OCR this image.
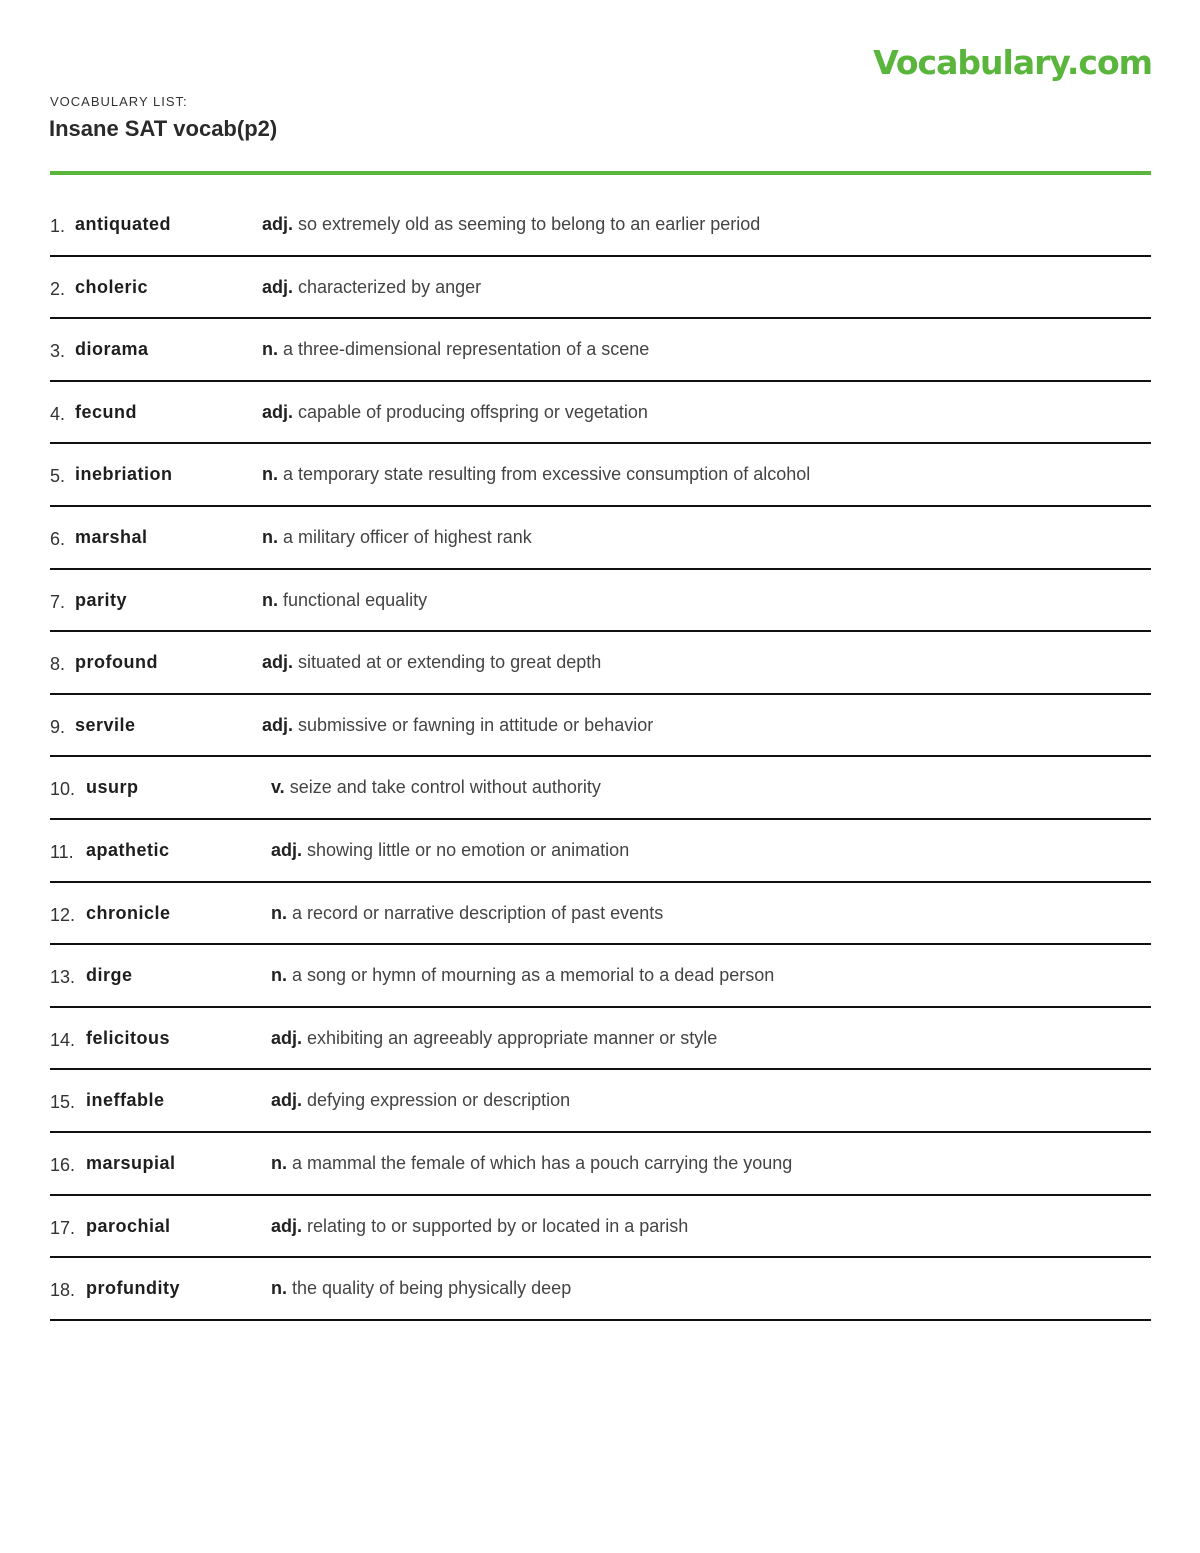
Vocabulary.com
VOCABULARY LIST:
Insane SAT vocab(p2)
1. antiquated	adj. so extremely old as seeming to belong to an earlier period
2. choleric	adj. characterized by anger
3. diorama	n. a three-dimensional representation of a scene
4. fecund	adj. capable of producing offspring or vegetation
5. inebriation	n. a temporary state resulting from excessive consumption of alcohol
6. marshal	n. a military officer of highest rank
7. parity	n. functional equality
8. profound	adj. situated at or extending to great depth
9. servile	adj. submissive or fawning in attitude or behavior
10. usurp	v. seize and take control without authority
11. apathetic	adj. showing little or no emotion or animation
12. chronicle	n. a record or narrative description of past events
13. dirge	n. a song or hymn of mourning as a memorial to a dead person
14. felicitous	adj. exhibiting an agreeably appropriate manner or style
15. ineffable	adj. defying expression or description
16. marsupial	n. a mammal the female of which has a pouch carrying the young
17. parochial	adj. relating to or supported by or located in a parish
18. profundity	n. the quality of being physically deep
